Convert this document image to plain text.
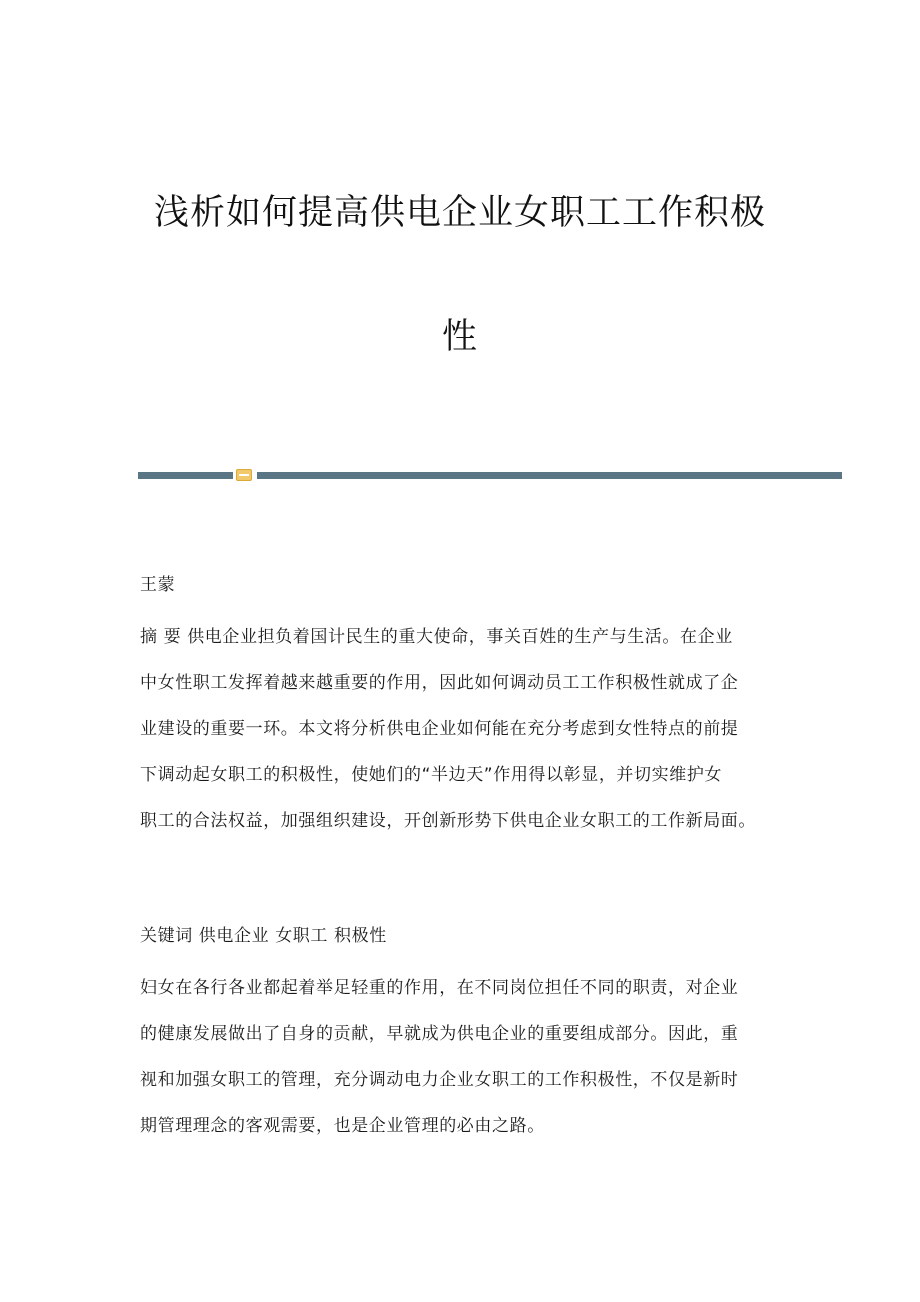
浅析如何提高供电企业女职工工作积极
性
王蒙
摘 要 供电企业担负着国计民生的重大使命，事关百姓的生产与生活。在企业
中女性职工发挥着越来越重要的作用，因此如何调动员工工作积极性就成了企
业建设的重要一环。本文将分析供电企业如何能在充分考虑到女性特点的前提
下调动起女职工的积极性，使她们的“半边天”作用得以彰显，并切实维护女
职工的合法权益，加强组织建设，开创新形势下供电企业女职工的工作新局面。
关键词 供电企业 女职工 积极性
妇女在各行各业都起着举足轻重的作用，在不同岗位担任不同的职责，对企业
的健康发展做出了自身的贡献，早就成为供电企业的重要组成部分。因此，重
视和加强女职工的管理，充分调动电力企业女职工的工作积极性，不仅是新时
期管理理念的客观需要，也是企业管理的必由之路。
